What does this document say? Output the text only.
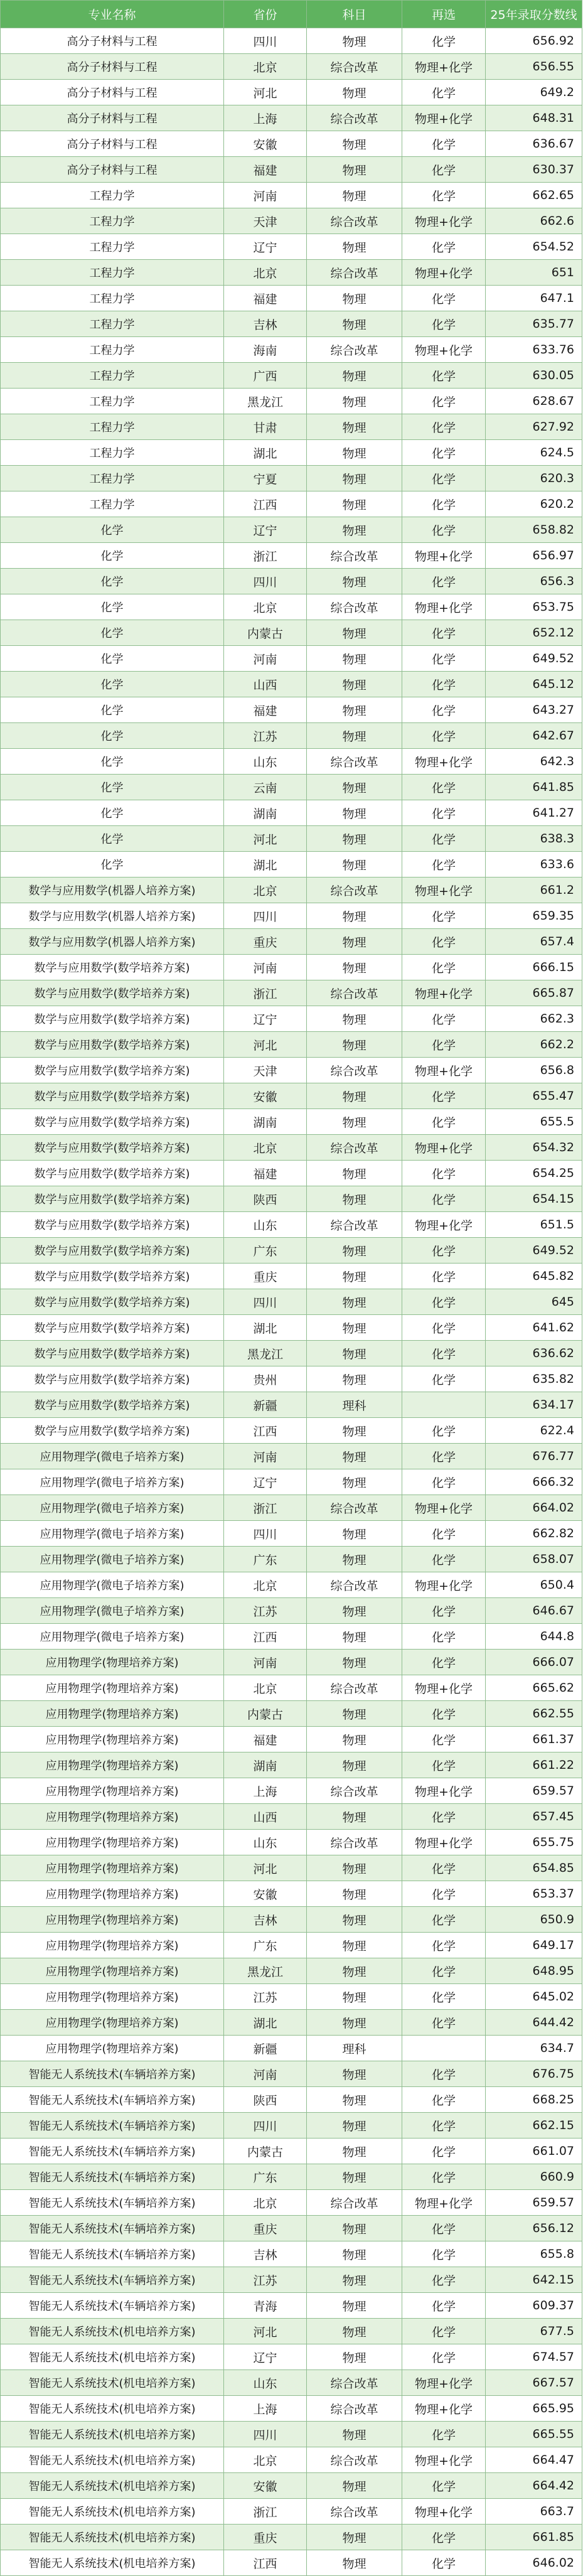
专业名称	省份	科目	再选	25年录取分数线
高分子材料与工程	四川	物理	化学	656.92
高分子材料与工程	北京	综合改革	物理+化学	656.55
高分子材料与工程	河北	物理	化学	649.2
高分子材料与工程	上海	综合改革	物理+化学	648.31
高分子材料与工程	安徽	物理	化学	636.67
高分子材料与工程	福建	物理	化学	630.37
工程力学	河南	物理	化学	662.65
工程力学	天津	综合改革	物理+化学	662.6
工程力学	辽宁	物理	化学	654.52
工程力学	北京	综合改革	物理+化学	651
工程力学	福建	物理	化学	647.1
工程力学	吉林	物理	化学	635.77
工程力学	海南	综合改革	物理+化学	633.76
工程力学	广西	物理	化学	630.05
工程力学	黑龙江	物理	化学	628.67
工程力学	甘肃	物理	化学	627.92
工程力学	湖北	物理	化学	624.5
工程力学	宁夏	物理	化学	620.3
工程力学	江西	物理	化学	620.2
化学	辽宁	物理	化学	658.82
化学	浙江	综合改革	物理+化学	656.97
化学	四川	物理	化学	656.3
化学	北京	综合改革	物理+化学	653.75
化学	内蒙古	物理	化学	652.12
化学	河南	物理	化学	649.52
化学	山西	物理	化学	645.12
化学	福建	物理	化学	643.27
化学	江苏	物理	化学	642.67
化学	山东	综合改革	物理+化学	642.3
化学	云南	物理	化学	641.85
化学	湖南	物理	化学	641.27
化学	河北	物理	化学	638.3
化学	湖北	物理	化学	633.6
数学与应用数学(机器人培养方案)	北京	综合改革	物理+化学	661.2
数学与应用数学(机器人培养方案)	四川	物理	化学	659.35
数学与应用数学(机器人培养方案)	重庆	物理	化学	657.4
数学与应用数学(数学培养方案)	河南	物理	化学	666.15
数学与应用数学(数学培养方案)	浙江	综合改革	物理+化学	665.87
数学与应用数学(数学培养方案)	辽宁	物理	化学	662.3
数学与应用数学(数学培养方案)	河北	物理	化学	662.2
数学与应用数学(数学培养方案)	天津	综合改革	物理+化学	656.8
数学与应用数学(数学培养方案)	安徽	物理	化学	655.47
数学与应用数学(数学培养方案)	湖南	物理	化学	655.5
数学与应用数学(数学培养方案)	北京	综合改革	物理+化学	654.32
数学与应用数学(数学培养方案)	福建	物理	化学	654.25
数学与应用数学(数学培养方案)	陕西	物理	化学	654.15
数学与应用数学(数学培养方案)	山东	综合改革	物理+化学	651.5
数学与应用数学(数学培养方案)	广东	物理	化学	649.52
数学与应用数学(数学培养方案)	重庆	物理	化学	645.82
数学与应用数学(数学培养方案)	四川	物理	化学	645
数学与应用数学(数学培养方案)	湖北	物理	化学	641.62
数学与应用数学(数学培养方案)	黑龙江	物理	化学	636.62
数学与应用数学(数学培养方案)	贵州	物理	化学	635.82
数学与应用数学(数学培养方案)	新疆	理科		634.17
数学与应用数学(数学培养方案)	江西	物理	化学	622.4
应用物理学(微电子培养方案)	河南	物理	化学	676.77
应用物理学(微电子培养方案)	辽宁	物理	化学	666.32
应用物理学(微电子培养方案)	浙江	综合改革	物理+化学	664.02
应用物理学(微电子培养方案)	四川	物理	化学	662.82
应用物理学(微电子培养方案)	广东	物理	化学	658.07
应用物理学(微电子培养方案)	北京	综合改革	物理+化学	650.4
应用物理学(微电子培养方案)	江苏	物理	化学	646.67
应用物理学(微电子培养方案)	江西	物理	化学	644.8
应用物理学(物理培养方案)	河南	物理	化学	666.07
应用物理学(物理培养方案)	北京	综合改革	物理+化学	665.62
应用物理学(物理培养方案)	内蒙古	物理	化学	662.55
应用物理学(物理培养方案)	福建	物理	化学	661.37
应用物理学(物理培养方案)	湖南	物理	化学	661.22
应用物理学(物理培养方案)	上海	综合改革	物理+化学	659.57
应用物理学(物理培养方案)	山西	物理	化学	657.45
应用物理学(物理培养方案)	山东	综合改革	物理+化学	655.75
应用物理学(物理培养方案)	河北	物理	化学	654.85
应用物理学(物理培养方案)	安徽	物理	化学	653.37
应用物理学(物理培养方案)	吉林	物理	化学	650.9
应用物理学(物理培养方案)	广东	物理	化学	649.17
应用物理学(物理培养方案)	黑龙江	物理	化学	648.95
应用物理学(物理培养方案)	江苏	物理	化学	645.02
应用物理学(物理培养方案)	湖北	物理	化学	644.42
应用物理学(物理培养方案)	新疆	理科		634.7
智能无人系统技术(车辆培养方案)	河南	物理	化学	676.75
智能无人系统技术(车辆培养方案)	陕西	物理	化学	668.25
智能无人系统技术(车辆培养方案)	四川	物理	化学	662.15
智能无人系统技术(车辆培养方案)	内蒙古	物理	化学	661.07
智能无人系统技术(车辆培养方案)	广东	物理	化学	660.9
智能无人系统技术(车辆培养方案)	北京	综合改革	物理+化学	659.57
智能无人系统技术(车辆培养方案)	重庆	物理	化学	656.12
智能无人系统技术(车辆培养方案)	吉林	物理	化学	655.8
智能无人系统技术(车辆培养方案)	江苏	物理	化学	642.15
智能无人系统技术(车辆培养方案)	青海	物理	化学	609.37
智能无人系统技术(机电培养方案)	河北	物理	化学	677.5
智能无人系统技术(机电培养方案)	辽宁	物理	化学	674.57
智能无人系统技术(机电培养方案)	山东	综合改革	物理+化学	667.57
智能无人系统技术(机电培养方案)	上海	综合改革	物理+化学	665.95
智能无人系统技术(机电培养方案)	四川	物理	化学	665.55
智能无人系统技术(机电培养方案)	北京	综合改革	物理+化学	664.47
智能无人系统技术(机电培养方案)	安徽	物理	化学	664.42
智能无人系统技术(机电培养方案)	浙江	综合改革	物理+化学	663.7
智能无人系统技术(机电培养方案)	重庆	物理	化学	661.85
智能无人系统技术(机电培养方案)	江西	物理	化学	646.02
